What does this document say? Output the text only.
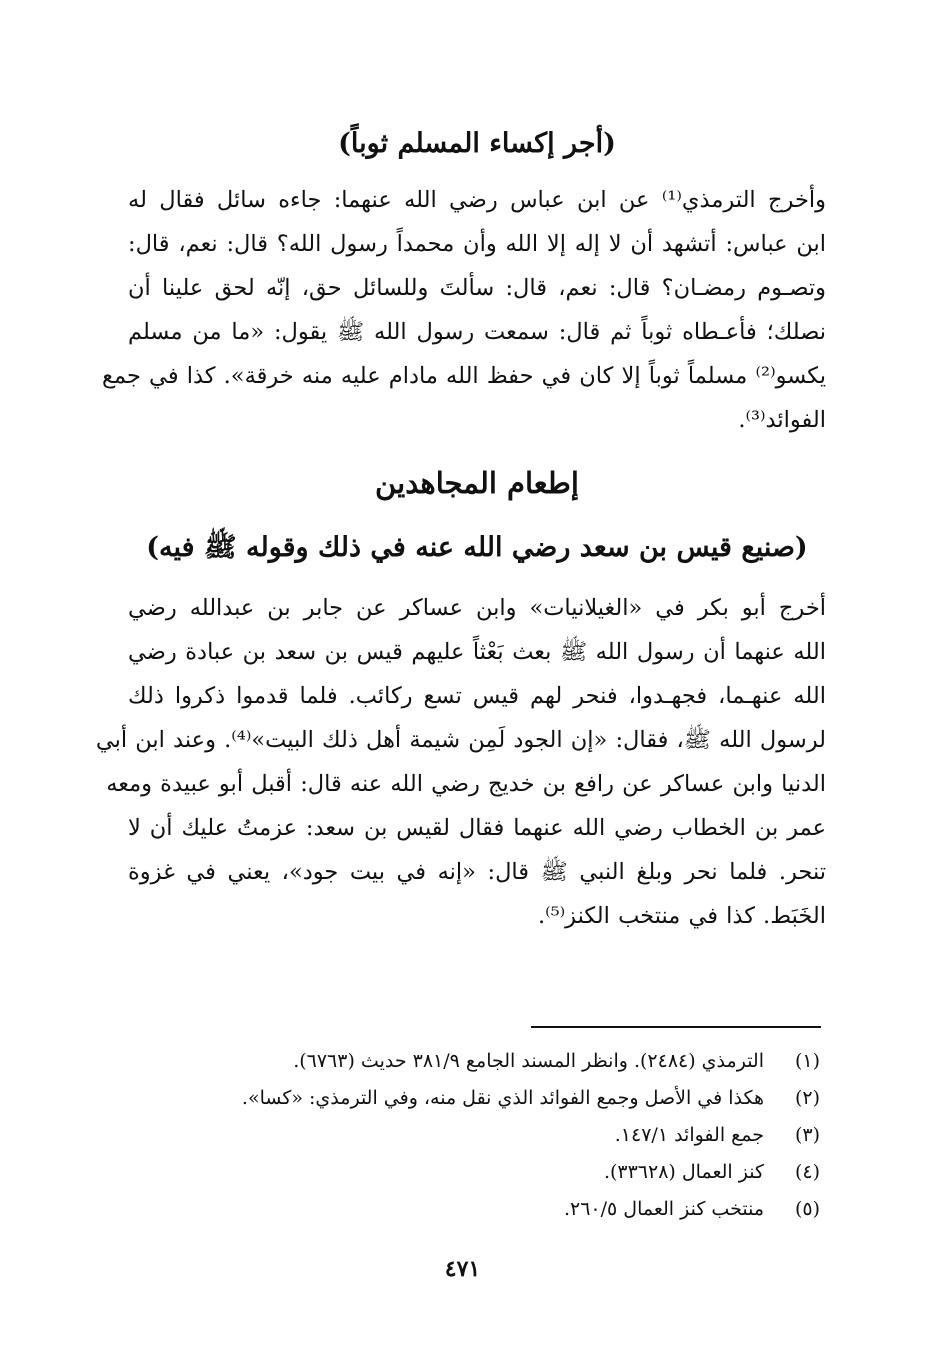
(أجر إكساء المسلم ثوباً)

وأخرج الترمذي⁽¹⁾ عن ابن عباس رضي الله عنهما: جاءه سائل فقال له
ابن عباس: أتشهد أن لا إله إلا الله وأن محمداً رسول الله؟ قال: نعم، قال:
وتصـوم رمضـان؟ قال: نعم، قال: سألتَ وللسائل حق، إنّه لحق علينا أن
نصلك؛ فأعـطاه ثوباً ثم قال: سمعت رسول الله ﷺ يقول: «ما من مسلم
يكسو⁽²⁾ مسلماً ثوباً إلا كان في حفظ الله مادام عليه منه خرقة». كذا في جمع
الفوائد⁽³⁾.

إطعام المجاهدين
(صنيع قيس بن سعد رضي الله عنه في ذلك وقوله ﷺ فيه)

أخرج أبو بكر في «الغيلانيات» وابن عساكر عن جابر بن عبدالله رضي
الله عنهما أن رسول الله ﷺ بعث بَعْثاً عليهم قيس بن سعد بن عبادة رضي
الله عنهـما، فجهـدوا، فنحر لهم قيس تسع ركائب. فلما قدموا ذكروا ذلك
لرسول الله ﷺ، فقال: «إن الجود لَمِن شيمة أهل ذلك البيت»⁽⁴⁾. وعند ابن أبي
الدنيا وابن عساكر عن رافع بن خديج رضي الله عنه قال: أقبل أبو عبيدة ومعه
عمر بن الخطاب رضي الله عنهما فقال لقيس بن سعد: عزمتُ عليك أن لا
تنحر. فلما نحر وبلغ النبي ﷺ قال: «إنه في بيت جود»، يعني في غزوة
الخَبَط. كذا في منتخب الكنز⁽⁵⁾.

(١)
الترمذي (٢٤٨٤). وانظر المسند الجامع ٣٨١/٩ حديث (٦٧٦٣).
(٢)
هكذا في الأصل وجمع الفوائد الذي نقل منه، وفي الترمذي: «كسا».
(٣)
جمع الفوائد ١٤٧/١.
(٤)
كنز العمال (٣٣٦٢٨).
(٥)
منتخب كنز العمال ٢٦٠/٥.
٤٧١
